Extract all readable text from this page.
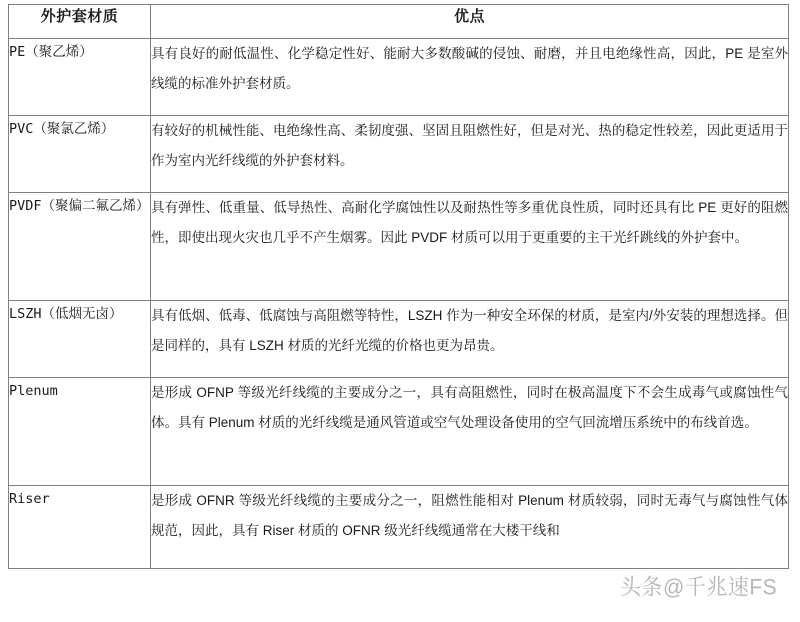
外护套材质	优点
PE（聚乙烯）	具有良好的耐低温性、化学稳定性好、能耐大多数酸碱的侵蚀、耐磨，并且电绝缘性高，因此，PE 是室外线缆的标准外护套材质。
PVC（聚氯乙烯）	有较好的机械性能、电绝缘性高、柔韧度强、坚固且阻燃性好，但是对光、热的稳定性较差，因此更适用于作为室内光纤线缆的外护套材料。
PVDF（聚偏二氟乙烯）	具有弹性、低重量、低导热性、高耐化学腐蚀性以及耐热性等多重优良性质，同时还具有比 PE 更好的阻燃性，即使出现火灾也几乎不产生烟雾。因此 PVDF 材质可以用于更重要的主干光纤跳线的外护套中。
LSZH（低烟无卤）	具有低烟、低毒、低腐蚀与高阻燃等特性，LSZH 作为一种安全环保的材质，是室内/外安装的理想选择。但是同样的，具有 LSZH 材质的光纤光缆的价格也更为昂贵。
Plenum	是形成 OFNP 等级光纤线缆的主要成分之一，具有高阻燃性，同时在极高温度下不会生成毒气或腐蚀性气体。具有 Plenum 材质的光纤线缆是通风管道或空气处理设备使用的空气回流增压系统中的布线首选。
Riser	是形成 OFNR 等级光纤线缆的主要成分之一，阻燃性能相对 Plenum 材质较弱，同时无毒气与腐蚀性气体规范，因此，具有 Riser 材质的 OFNR 级光纤线缆通常在大楼干线和
头条@千兆速FS
